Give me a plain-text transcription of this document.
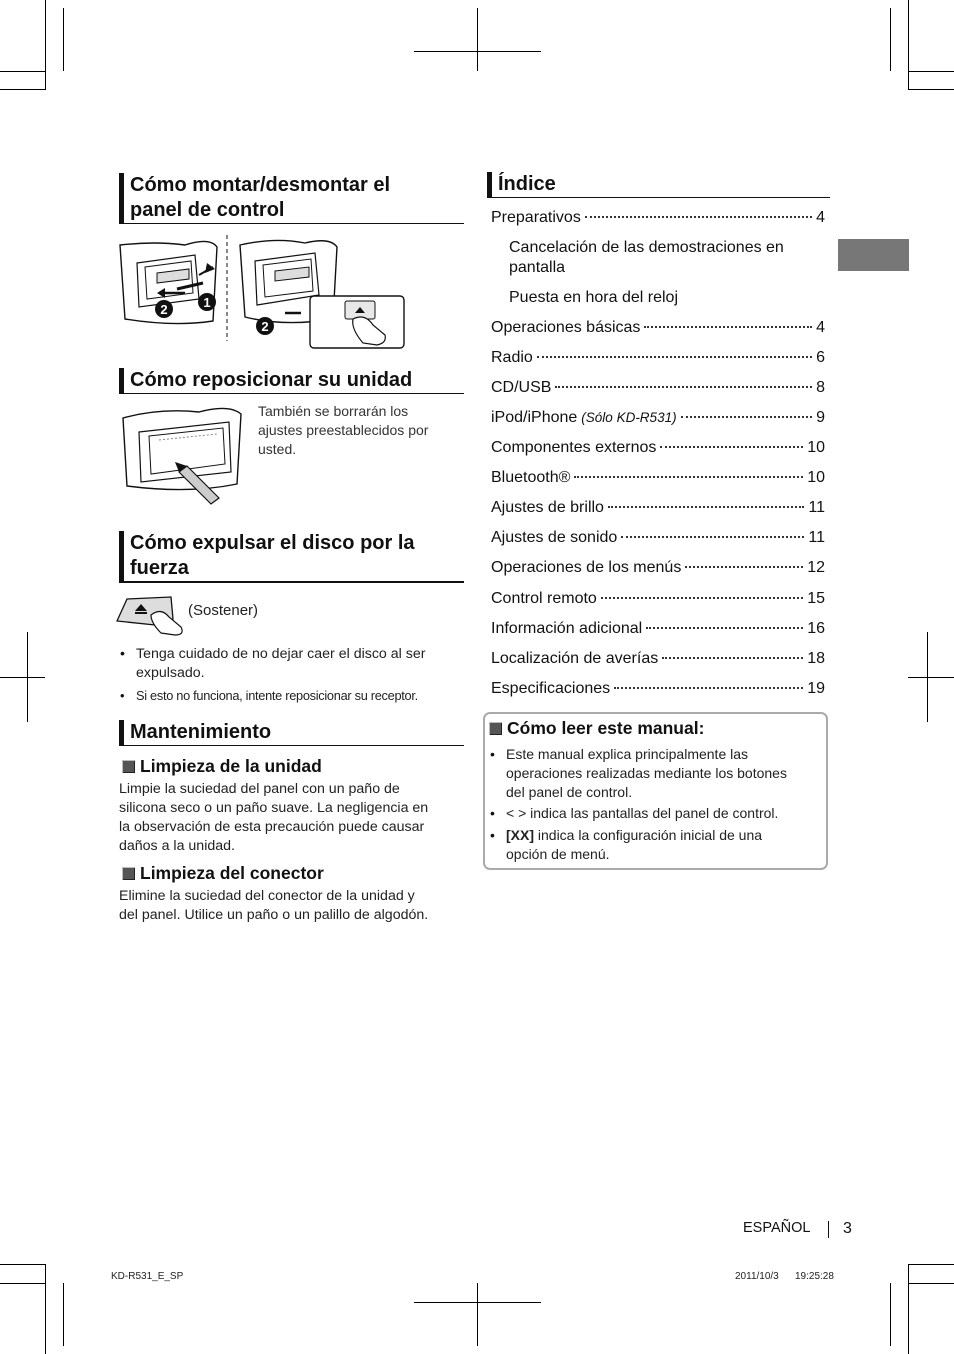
Cómo montar/desmontar el
panel de control
2	1
2
Cómo reposicionar su unidad
También se borrarán los
ajustes preestablecidos por
usted.
Cómo expulsar el disco por la
fuerza
(Sostener)
• Tenga cuidado de no dejar caer el disco al ser
expulsado.
• Si esto no funciona, intente reposicionar su receptor.
Mantenimiento
Limpieza de la unidad
Limpie la suciedad del panel con un paño de
silicona seco o un paño suave. La negligencia en
la observación de esta precaución puede causar
daños a la unidad.
Limpieza del conector
Elimine la suciedad del conector de la unidad y
del panel. Utilice un paño o un palillo de algodón.
Índice
Preparativos	4
Cancelación de las demostraciones en
pantalla
Puesta en hora del reloj
Operaciones básicas	4
Radio	6
CD/USB	8
iPod/iPhone (Sólo KD-R531)	9
Componentes externos	10
Bluetooth®	10
Ajustes de brillo	11
Ajustes de sonido	11
Operaciones de los menús	12
Control remoto	15
Información adicional	16
Localización de averías	18
Especificaciones	19
Cómo leer este manual:
• Este manual explica principalmente las
operaciones realizadas mediante los botones
del panel de control.
• < > indica las pantallas del panel de control.
• [XX] indica la configuración inicial de una
opción de menú.
ESPAÑOL 3
KD-R531_E_SP	2011/10/3 19:25:28
